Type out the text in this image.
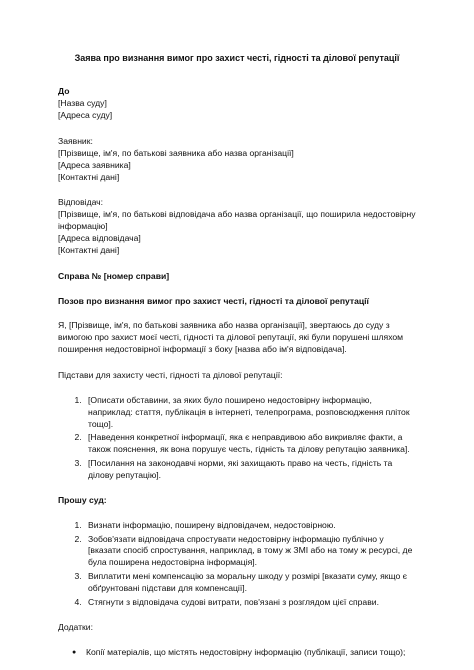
Заява про визнання вимог про захист честі, гідності та ділової репутації
До
[Назва суду]
[Адреса суду]
Заявник:
[Прізвище, ім'я, по батькові заявника або назва організації]
[Адреса заявника]
[Контактні дані]
Відповідач:
[Прізвище, ім'я, по батькові відповідача або назва організації, що поширила недостовірну інформацію]
[Адреса відповідача]
[Контактні дані]
Справа № [номер справи]
Позов про визнання вимог про захист честі, гідності та ділової репутації

Я, [Прізвище, ім'я, по батькові заявника або назва організації], звертаюсь до суду з вимогою про захист моєї честі, гідності та ділової репутації, які були порушені шляхом поширення недостовірної інформації з боку [назва або ім'я відповідача].

Підстави для захисту честі, гідності та ділової репутації:
1. [Описати обставини, за яких було поширено недостовірну інформацію, наприклад: стаття, публікація в інтернеті, телепрограма, розповсюдження пліток тощо].
2. [Наведення конкретної інформації, яка є неправдивою або викривляє факти, а також пояснення, як вона порушує честь, гідність та ділову репутацію заявника].
3. [Посилання на законодавчі норми, які захищають право на честь, гідність та ділову репутацію].
Прошу суд:
1. Визнати інформацію, поширену відповідачем, недостовірною.
2. Зобов'язати відповідача спростувати недостовірну інформацію публічно у [вказати спосіб спростування, наприклад, в тому ж ЗМІ або на тому ж ресурсі, де була поширена недостовірна інформація].
3. Виплатити мені компенсацію за моральну шкоду у розмірі [вказати суму, якщо є обґрунтовані підстави для компенсації].
4. Стягнути з відповідача судові витрати, пов'язані з розглядом цієї справи.
Додатки:
● Копії матеріалів, що містять недостовірну інформацію (публікації, записи тощо);
